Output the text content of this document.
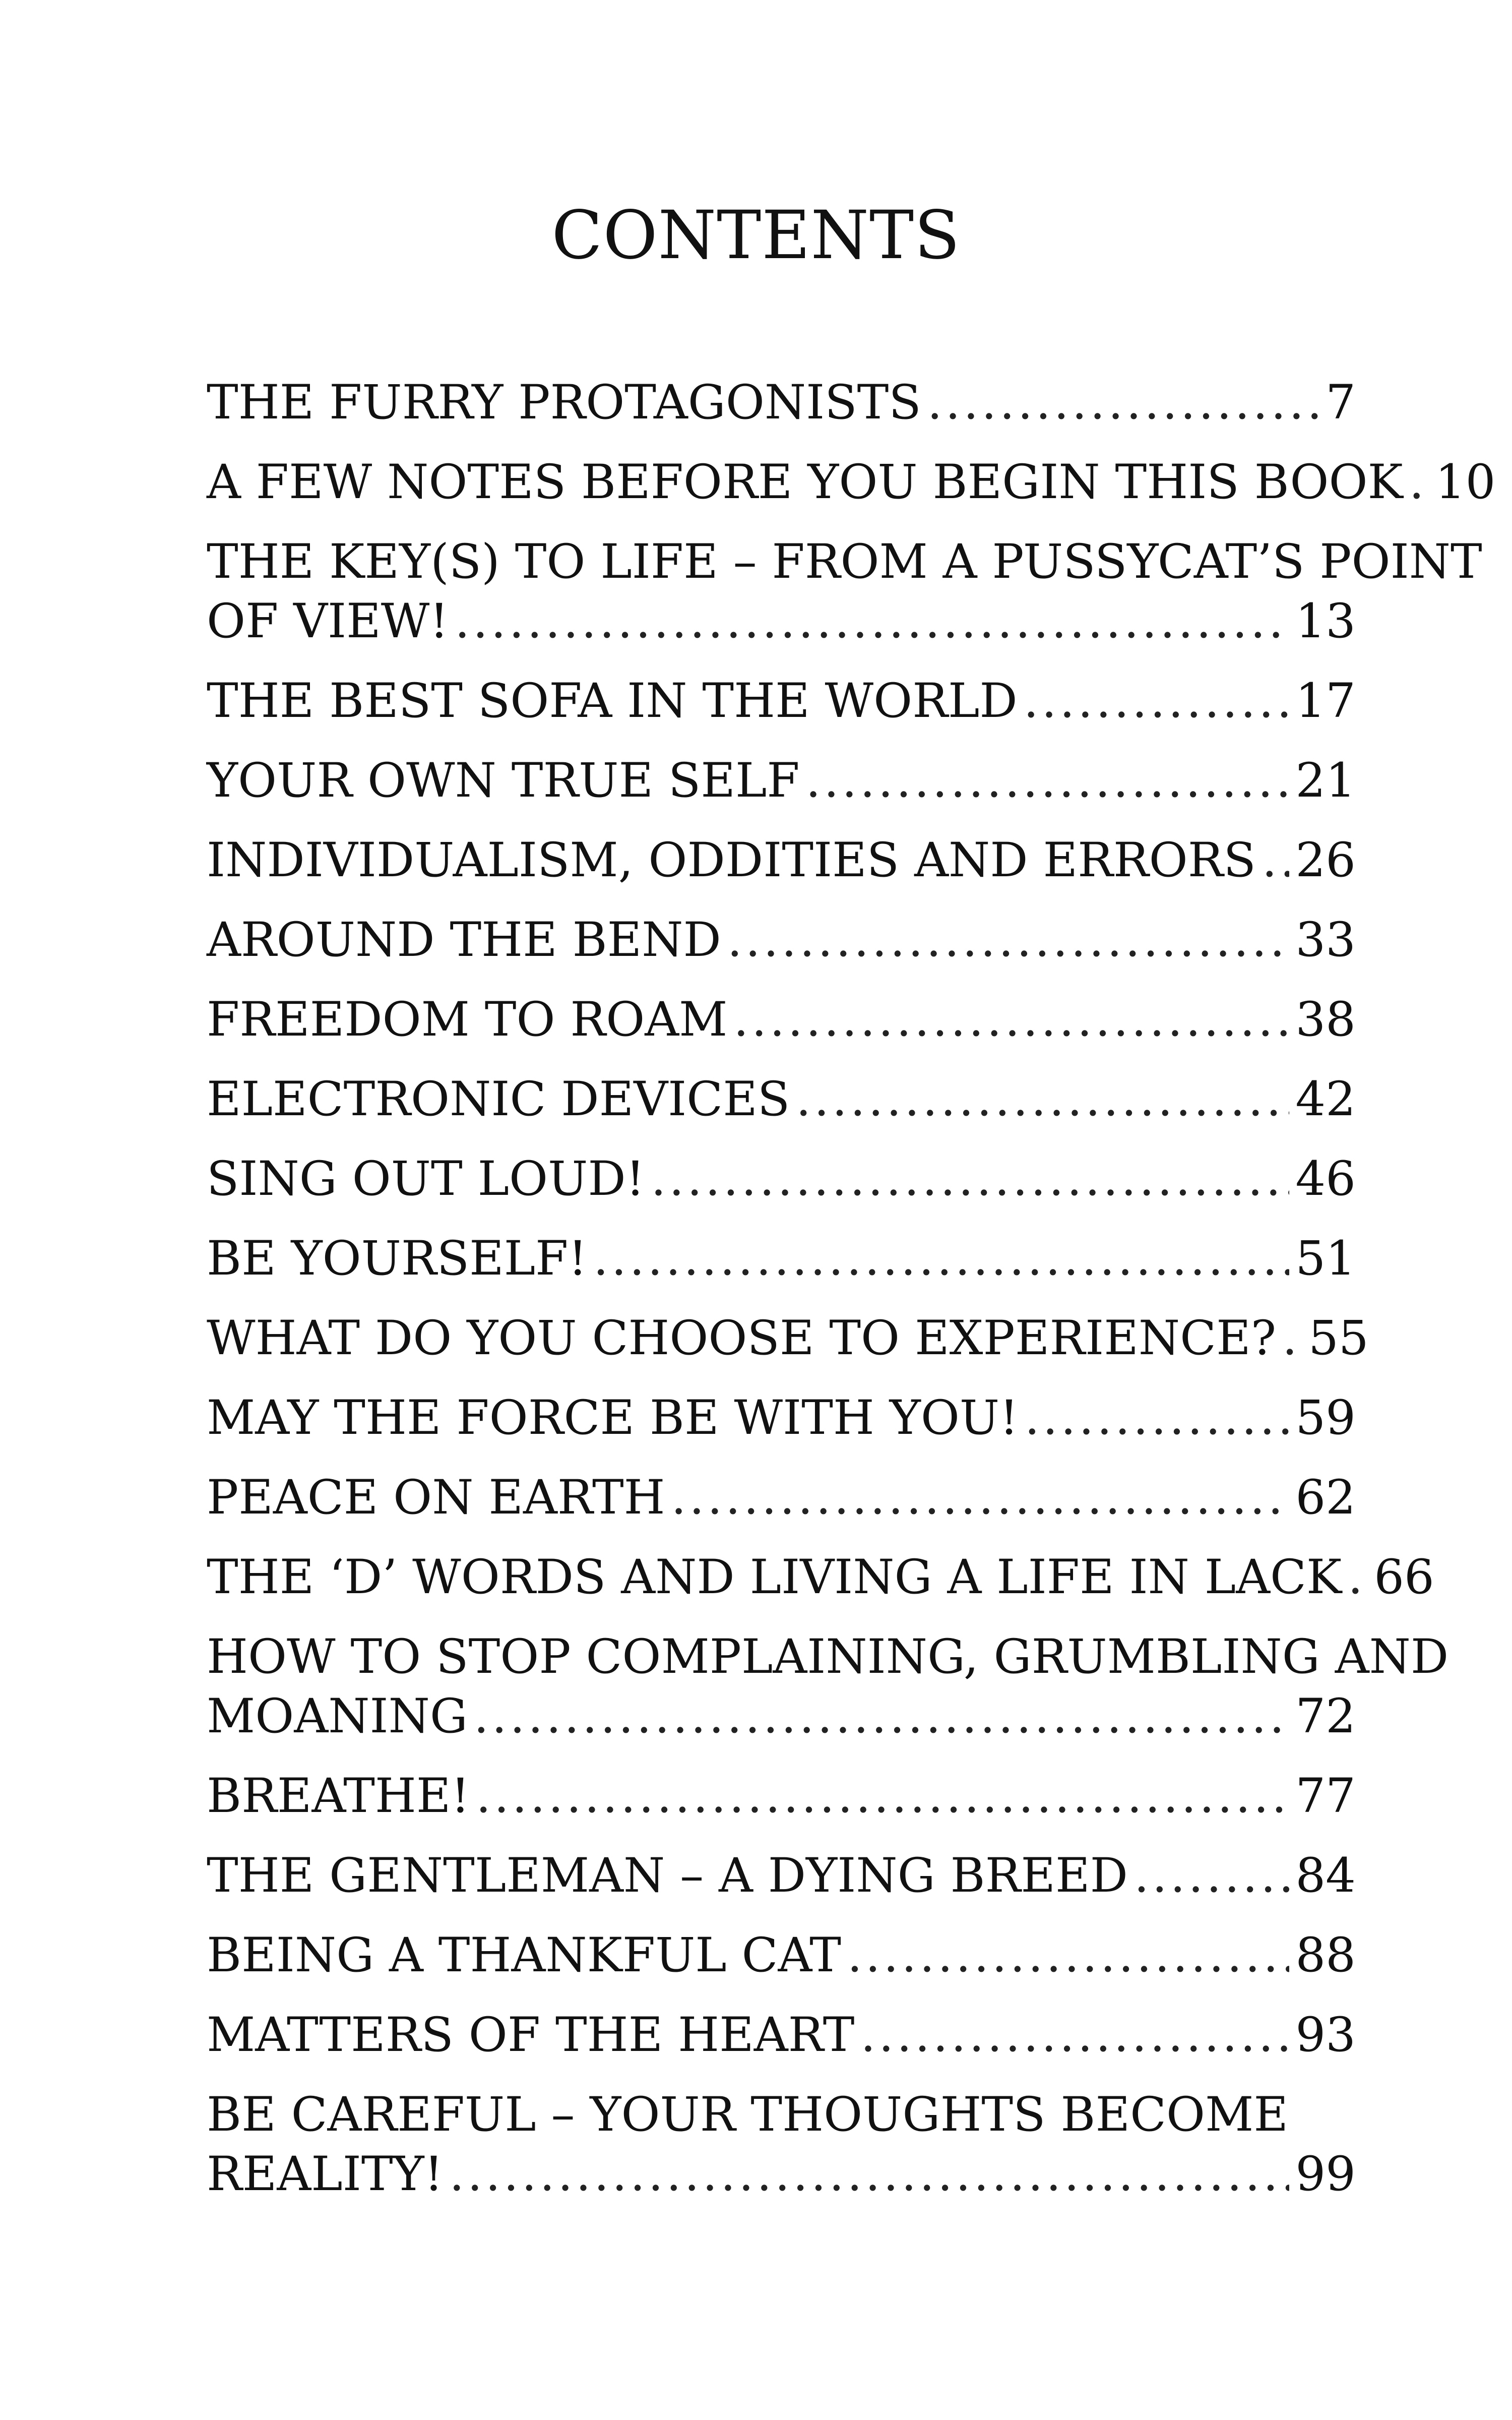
CONTENTS
THE FURRY PROTAGONISTS .....	7
A FEW NOTES BEFORE YOU BEGIN THIS BOOK ..... 10
THE KEY(S) TO LIFE – FROM A PUSSYCAT’S POINT
OF VIEW! .....	13
THE BEST SOFA IN THE WORLD .....	17
YOUR OWN TRUE SELF .....	21
INDIVIDUALISM, ODDITIES AND ERRORS ..... 26
AROUND THE BEND .....	33
FREEDOM TO ROAM .....	38
ELECTRONIC DEVICES .....	42
SING OUT LOUD! .....	46
BE YOURSELF! .....	51
WHAT DO YOU CHOOSE TO EXPERIENCE? ..... 55
MAY THE FORCE BE WITH YOU! .....	59
PEACE ON EARTH .....	62
THE ‘D’ WORDS AND LIVING A LIFE IN LACK ..... 66
HOW TO STOP COMPLAINING, GRUMBLING AND
MOANING .....	72
BREATHE! .....	77
THE GENTLEMAN – A DYING BREED .....	84
BEING A THANKFUL CAT .....	88
MATTERS OF THE HEART .....	93
BE CAREFUL – YOUR THOUGHTS BECOME
REALITY! .....	99
